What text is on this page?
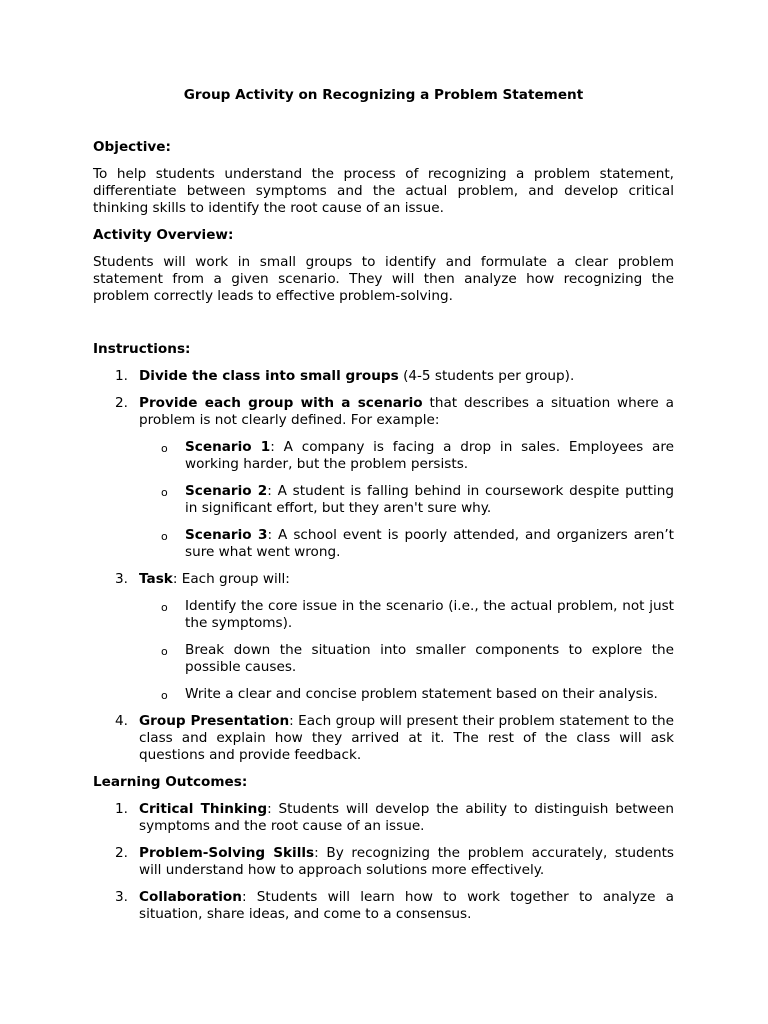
Group Activity on Recognizing a Problem Statement
Objective:

To help students understand the process of recognizing a problem statement, differentiate between symptoms and the actual problem, and develop critical thinking skills to identify the root cause of an issue.

Activity Overview:

Students will work in small groups to identify and formulate a clear problem statement from a given scenario. They will then analyze how recognizing the problem correctly leads to effective problem-solving.

Instructions:
1. Divide the class into small groups (4-5 students per group).
2. Provide each group with a scenario that describes a situation where a problem is not clearly defined. For example:
o Scenario 1: A company is facing a drop in sales. Employees are working harder, but the problem persists.
o Scenario 2: A student is falling behind in coursework despite putting in significant effort, but they aren't sure why.
o Scenario 3: A school event is poorly attended, and organizers aren’t sure what went wrong.
3. Task: Each group will:
o Identify the core issue in the scenario (i.e., the actual problem, not just the symptoms).
o Break down the situation into smaller components to explore the possible causes.
o Write a clear and concise problem statement based on their analysis.
4. Group Presentation: Each group will present their problem statement to the class and explain how they arrived at it. The rest of the class will ask questions and provide feedback.
Learning Outcomes:
1. Critical Thinking: Students will develop the ability to distinguish between symptoms and the root cause of an issue.
2. Problem-Solving Skills: By recognizing the problem accurately, students will understand how to approach solutions more effectively.
3. Collaboration: Students will learn how to work together to analyze a situation, share ideas, and come to a consensus.
